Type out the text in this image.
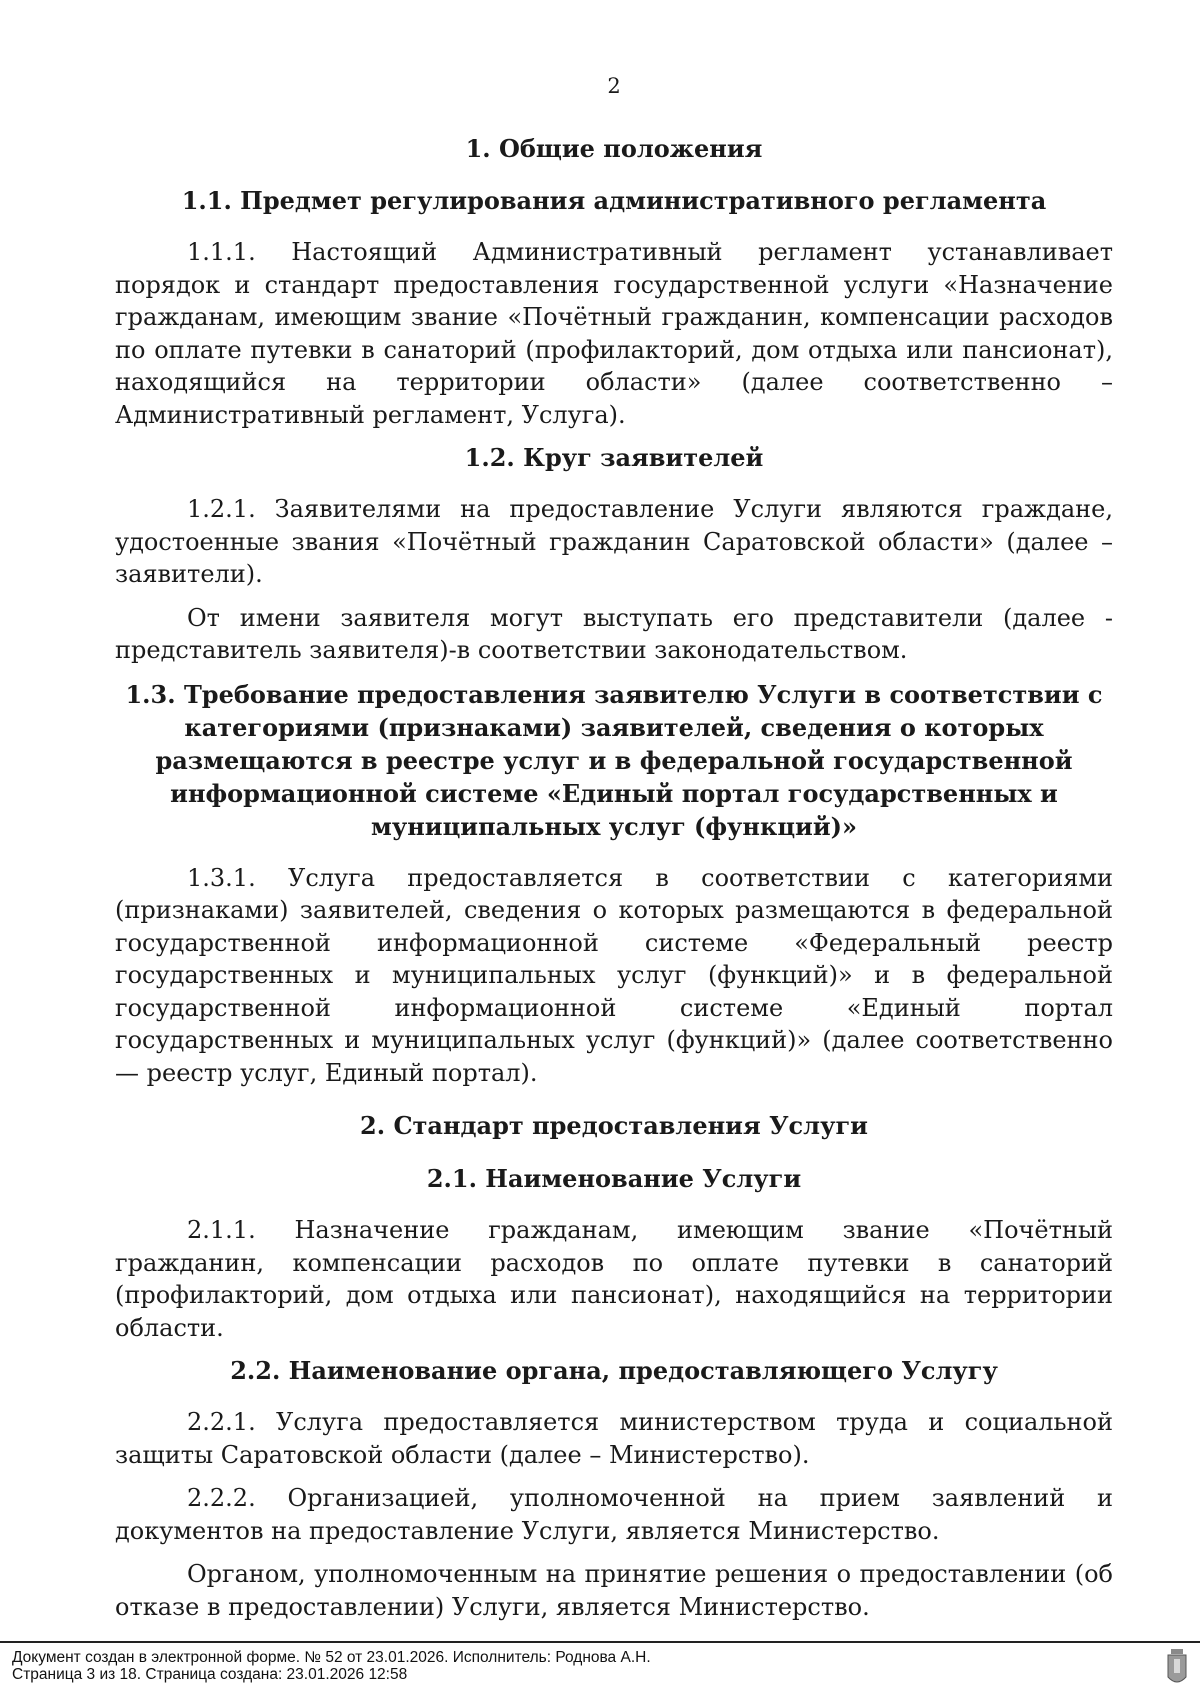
2
1. Общие положения
1.1. Предмет регулирования административного регламента

1.1.1. Настоящий Административный регламент устанавливает порядок и стандарт предоставления государственной услуги «Назначение гражданам, имеющим звание «Почётный гражданин, компенсации расходов по оплате путевки в санаторий (профилакторий, дом отдыха или пансионат), находящийся на территории области» (далее соответственно – Административный регламент, Услуга).

1.2. Круг заявителей

1.2.1. Заявителями на предоставление Услуги являются граждане, удостоенные звания «Почётный гражданин Саратовской области» (далее – заявители).

От имени заявителя могут выступать его представители (далее - представитель заявителя)-в соответствии законодательством.

1.3. Требование предоставления заявителю Услуги в соответствии с категориями (признаками) заявителей, сведения о которых размещаются в реестре услуг и в федеральной государственной информационной системе «Единый портал государственных и муниципальных услуг (функций)»

1.3.1. Услуга предоставляется в соответствии с категориями (признаками) заявителей, сведения о которых размещаются в федеральной государственной информационной системе «Федеральный реестр государственных и муниципальных услуг (функций)» и в федеральной государственной информационной системе «Единый портал государственных и муниципальных услуг (функций)» (далее соответственно — реестр услуг, Единый портал).

2. Стандарт предоставления Услуги
2.1. Наименование Услуги

2.1.1. Назначение гражданам, имеющим звание «Почётный гражданин, компенсации расходов по оплате путевки в санаторий (профилакторий, дом отдыха или пансионат), находящийся на территории области.

2.2. Наименование органа, предоставляющего Услугу

2.2.1. Услуга предоставляется министерством труда и социальной защиты Саратовской области (далее – Министерство).

2.2.2. Организацией, уполномоченной на прием заявлений и документов на предоставление Услуги, является Министерство.

Органом, уполномоченным на принятие решения о предоставлении (об отказе в предоставлении) Услуги, является Министерство.

Документ создан в электронной форме. № 52 от 23.01.2026. Исполнитель: Роднова А.Н.
Страница 3 из 18. Страница создана: 23.01.2026 12:58
